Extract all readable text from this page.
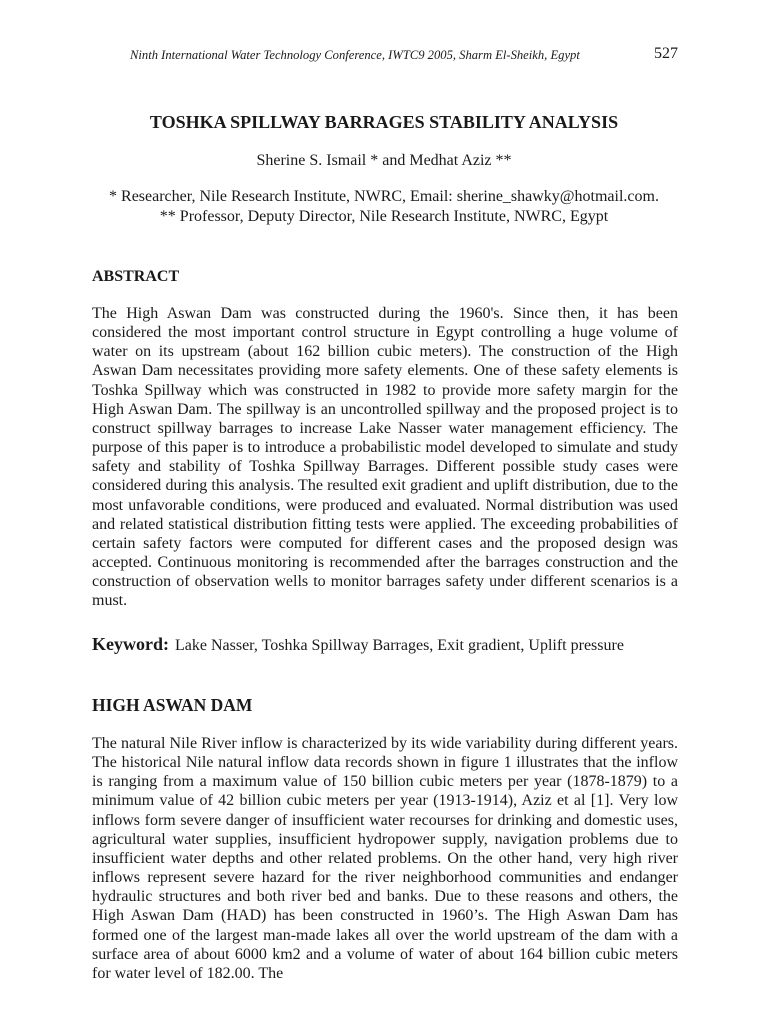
Ninth International Water Technology Conference, IWTC9 2005, Sharm El-Sheikh, Egypt	527
TOSHKA SPILLWAY BARRAGES STABILITY ANALYSIS
Sherine S. Ismail * and Medhat Aziz **
* Researcher, Nile Research Institute, NWRC, Email: sherine_shawky@hotmail.com.
** Professor, Deputy Director, Nile Research Institute, NWRC, Egypt
ABSTRACT

The High Aswan Dam was constructed during the 1960's. Since then, it has been considered the most important control structure in Egypt controlling a huge volume of water on its upstream (about 162 billion cubic meters). The construction of the High Aswan Dam necessitates providing more safety elements. One of these safety elements is Toshka Spillway which was constructed in 1982 to provide more safety margin for the High Aswan Dam. The spillway is an uncontrolled spillway and the proposed project is to construct spillway barrages to increase Lake Nasser water management efficiency. The purpose of this paper is to introduce a probabilistic model developed to simulate and study safety and stability of Toshka Spillway Barrages. Different possible study cases were considered during this analysis. The resulted exit gradient and uplift distribution, due to the most unfavorable conditions, were produced and evaluated. Normal distribution was used and related statistical distribution fitting tests were applied. The exceeding probabilities of certain safety factors were computed for different cases and the proposed design was accepted. Continuous monitoring is recommended after the barrages construction and the construction of observation wells to monitor barrages safety under different scenarios is a must.

Keyword: Lake Nasser, Toshka Spillway Barrages, Exit gradient, Uplift pressure
HIGH ASWAN DAM

The natural Nile River inflow is characterized by its wide variability during different years. The historical Nile natural inflow data records shown in figure 1 illustrates that the inflow is ranging from a maximum value of 150 billion cubic meters per year (1878-1879) to a minimum value of 42 billion cubic meters per year (1913-1914), Aziz et al [1]. Very low inflows form severe danger of insufficient water recourses for drinking and domestic uses, agricultural water supplies, insufficient hydropower supply, navigation problems due to insufficient water depths and other related problems. On the other hand, very high river inflows represent severe hazard for the river neighborhood communities and endanger hydraulic structures and both river bed and banks. Due to these reasons and others, the High Aswan Dam (HAD) has been constructed in 1960’s. The High Aswan Dam has formed one of the largest man-made lakes all over the world upstream of the dam with a surface area of about 6000 km2 and a volume of water of about 164 billion cubic meters for water level of 182.00. The
